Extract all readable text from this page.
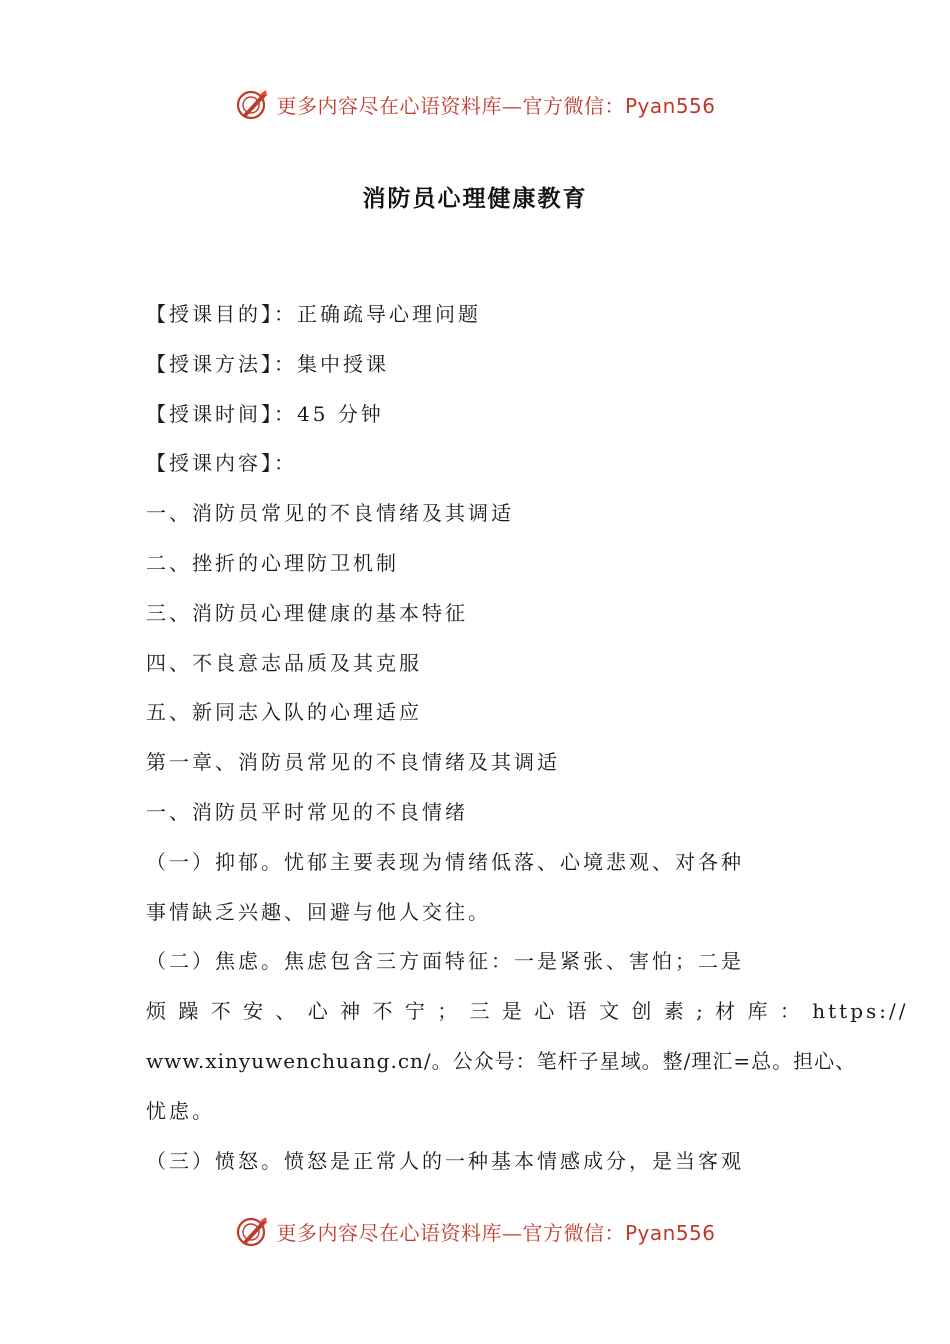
更多内容尽在心语资料库—官方微信：Pyan556
消防员心理健康教育
【授课目的】：正确疏导心理问题
【授课方法】：集中授课
【授课时间】：45 分钟
【授课内容】：
一、消防员常见的不良情绪及其调适
二、挫折的心理防卫机制
三、消防员心理健康的基本特征
四、不良意志品质及其克服
五、新同志入队的心理适应
第一章、消防员常见的不良情绪及其调适
一、消防员平时常见的不良情绪
（一）抑郁。忧郁主要表现为情绪低落、心境悲观、对各种
事情缺乏兴趣、回避与他人交往。
（二）焦虑。焦虑包含三方面特征：一是紧张、害怕；二是
烦 躁 不 安 、 心 神 不 宁 ； 三 是 心 语 文 创 素 ; 材 库 ： https://
www.xinyuwenchuang.cn/。公众号：笔杆子星域。整/理汇=总。担心、
忧虑。
（三）愤怒。愤怒是正常人的一种基本情感成分，是当客观
更多内容尽在心语资料库—官方微信：Pyan556
